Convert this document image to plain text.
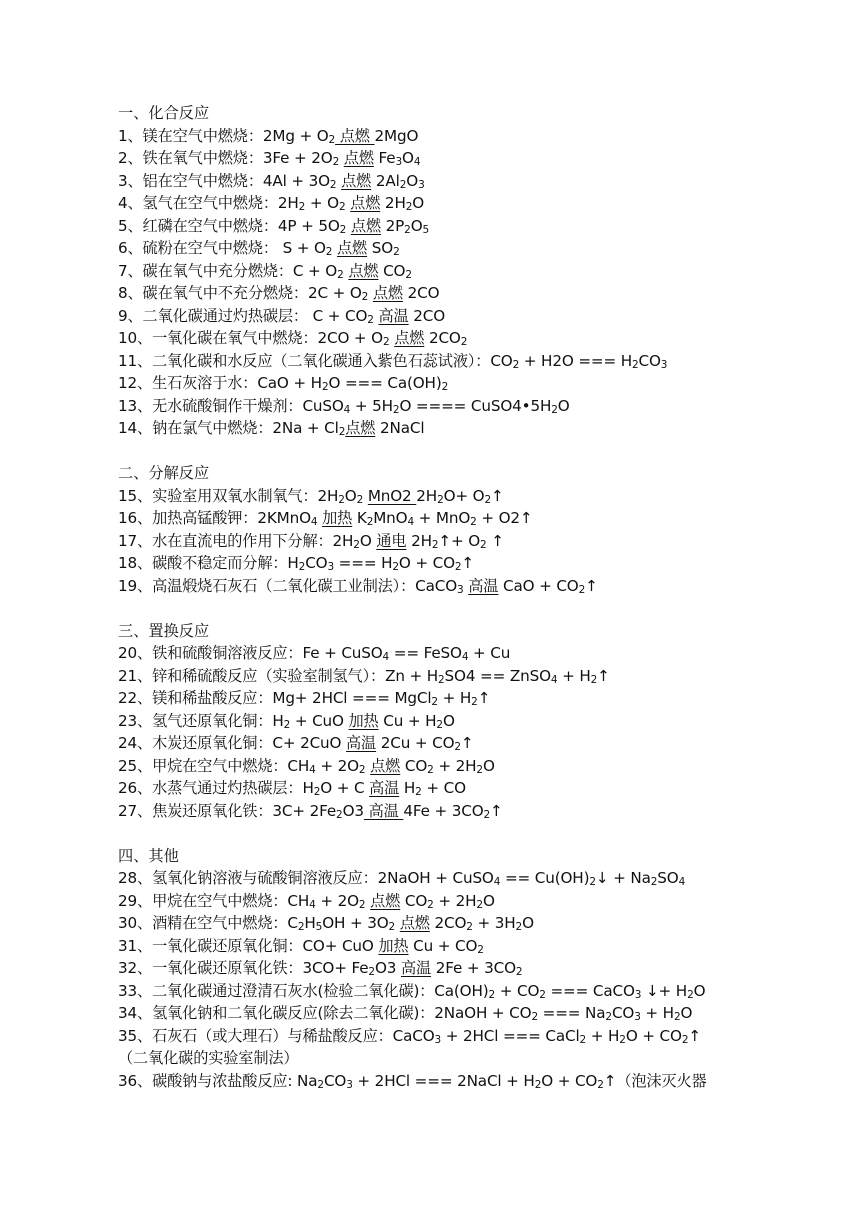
一、化合反应
1、镁在空气中燃烧：$2Mg + O_2$ 点燃 2MgO
2、铁在氧气中燃烧：$3Fe + 2O_2$ 点燃 $Fe_3O_4$
3、铝在空气中燃烧：$4Al + 3O_2$ 点燃 $2Al_2O_3$
4、氢气在空气中燃烧：$2H_2 + O_2$ 点燃 $2H_2O$
5、红磷在空气中燃烧：$4P + 5O_2$ 点燃 $2P_2O_5$
6、硫粉在空气中燃烧： $S + O_2$ 点燃 $SO_2$
7、碳在氧气中充分燃烧：$C + O_2$ 点燃 $CO_2$
8、碳在氧气中不充分燃烧：$2C + O_2$ 点燃 2CO
9、二氧化碳通过灼热碳层： $C + CO_2$ 高温 2CO
10、一氧化碳在氧气中燃烧：$2CO + O_2$ 点燃 $2CO_2$
11、二氧化碳和水反应（二氧化碳通入紫色石蕊试液）：$CO_2 + H2O$ === $H_2CO_3$
12、生石灰溶于水：CaO + $H_2O$ === $Ca(OH)_2$
13、无水硫酸铜作干燥剂：CuSO$_4$ + $5H_2O$ ==== $CuSO4•5H_2O$
14、钠在氯气中燃烧：$2Na + Cl_2$点燃 2NaCl
二、分解反应
15、实验室用双氧水制氧气：$2H_2O_2$ MnO2 $2H_2O+$ $O_2↑$
16、加热高锰酸钾：2KMnO$_4$ 加热 $K_2MnO_4 + MnO_2$ + O2↑
17、水在直流电的作用下分解：$2H_2O$ 通电 $2H_2↑+ O_2$ ↑
18、碳酸不稳定而分解：$H_2CO_3$ === $H_2O$ + $CO_2↑$
19、高温煅烧石灰石（二氧化碳工业制法）：CaCO$_3$ 高温 CaO + $CO_2↑$
三、置换反应
20、铁和硫酸铜溶液反应：Fe + CuSO$_4$ == FeSO$_4$ + Cu
21、锌和稀硫酸反应（实验室制氢气）：$Zn + H_2SO4$ == ZnSO$_4$ + $H_2↑$
22、镁和稀盐酸反应：Mg+ 2HCl === MgCl$_2$ + $H_2↑$
23、氢气还原氧化铜：$H_2$ + CuO 加热 $Cu + H_2O$
24、木炭还原氧化铜：C+ 2CuO 高温 $2Cu + CO_2↑$
25、甲烷在空气中燃烧：$CH_4 + 2O_2$ 点燃 $CO_2 + 2H_2O$
26、水蒸气通过灼热碳层：$H_2O + C$ 高温 $H_2$ + CO
27、焦炭还原氧化铁：$3C+ 2Fe_2O3$ 高温 $4Fe + 3CO_2↑$
四、其他
28、氢氧化钠溶液与硫酸铜溶液反应：2NaOH + CuSO$_4$ == $Cu(OH)_2↓ + Na_2SO_4$
29、甲烷在空气中燃烧：$CH_4 + 2O_2$ 点燃 $CO_2 + 2H_2O$
30、酒精在空气中燃烧：$C_2H_5OH + 3O_2$ 点燃 $2CO_2 + 3H_2O$
31、一氧化碳还原氧化铜：CO+ CuO 加热 $Cu + CO_2$
32、一氧化碳还原氧化铁：$3CO+ Fe_2O3$ 高温 $2Fe + 3CO_2$
33、二氧化碳通过澄清石灰水(检验二氧化碳)：$Ca(OH)_2 + CO_2$ === CaCO$_3$ ↓+ $H_2O$
34、氢氧化钠和二氧化碳反应(除去二氧化碳)：2NaOH + $CO_2$ === $Na_2CO_3 + H_2O$
35、石灰石（或大理石）与稀盐酸反应：CaCO$_3$ + 2HCl === CaCl$_2$ + $H_2O$ + $CO_2↑$
（二氧化碳的实验室制法）
36、碳酸钠与浓盐酸反应: $Na_2CO_3 + 2HCl$ === 2NaCl + $H_2O$ + $CO_2↑$（泡沫灭火器
